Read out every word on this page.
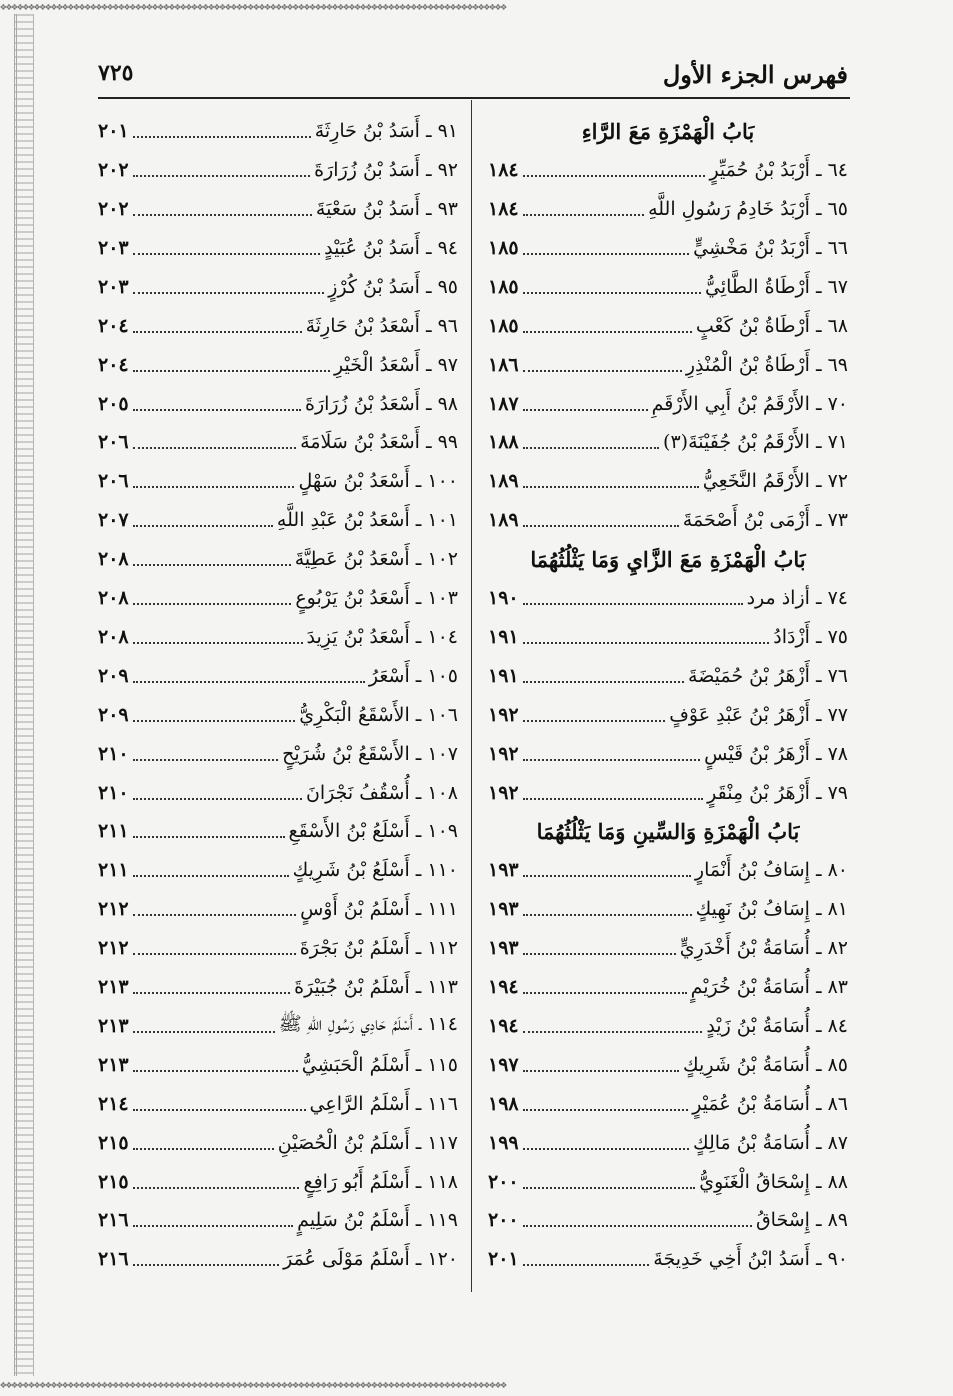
❖❖❖❖❖❖❖❖❖❖❖❖❖❖❖❖❖❖❖❖❖❖❖❖❖❖❖❖❖❖❖❖❖❖❖❖❖❖❖❖❖❖❖❖❖❖❖❖❖❖❖❖❖❖❖❖❖❖❖❖❖❖❖❖❖❖❖❖❖❖❖❖❖❖❖❖❖❖❖❖❖❖❖❖❖❖❖❖❖❖
❖❖❖❖❖❖❖❖❖❖❖❖❖❖❖❖❖❖❖❖❖❖❖❖❖❖❖❖❖❖❖❖❖❖❖❖❖❖❖❖❖❖❖❖❖❖❖❖❖❖❖❖❖❖❖❖❖❖❖❖❖❖❖❖❖❖❖❖❖❖❖❖❖❖❖❖❖❖❖❖❖❖❖❖❖❖❖❖❖❖
٧٢٥	فهرس الجزء الأول
بَابُ الْهَمْزَةِ مَعَ الرَّاءِ
٦٤ ـ أَرْبَدُ بْنُ حُمَيِّرٍ
١٨٤
٦٥ ـ أَرْبَدُ خَادِمُ رَسُولِ اللَّهِ
١٨٤
٦٦ ـ أَرْبَدُ بْنُ مَخْشِيٍّ
١٨٥
٦٧ ـ أَرْطَاةُ الطَّائِيُّ
١٨٥
٦٨ ـ أَرْطَاةُ بْنُ كَعْبٍ
١٨٥
٦٩ ـ أَرْطَاةُ بْنُ الْمُنْذِرِ
١٨٦
٧٠ ـ الأَرْقَمُ بْنُ أَبِي الأَرْقَمِ
١٨٧
٧١ ـ الأَرْقَمُ بْنُ جُفَيْنَةَ(٣)
١٨٨
٧٢ ـ الأَرْقَمُ النَّخَعِيُّ
١٨٩
٧٣ ـ أَزْمَى بْنُ أَصْحَمَةَ
١٨٩
بَابُ الْهَمْزَةِ مَعَ الزَّايِ وَمَا يَثْلُثُهُمَا
٧٤ ـ أزاذ مرد
١٩٠
٧٥ ـ أَزْدَادُ
١٩١
٧٦ ـ أَزْهَرُ بْنُ حُمَيْضَةَ
١٩١
٧٧ ـ أَزْهَرُ بْنُ عَبْدِ عَوْفٍ
١٩٢
٧٨ ـ أَزْهَرُ بْنُ قَيْسٍ
١٩٢
٧٩ ـ أَزْهَرُ بْنُ مِنْقَرٍ
١٩٢
بَابُ الْهَمْزَةِ وَالسِّينِ وَمَا يَثْلُثُهُمَا
٨٠ ـ إِسَافُ بْنُ أَنْمَارٍ
١٩٣
٨١ ـ إِسَافُ بْنُ نَهِيكٍ
١٩٣
٨٢ ـ أُسَامَةُ بْنُ أَخْدَرِيٍّ
١٩٣
٨٣ ـ أُسَامَةُ بْنُ خُرَيْمٍ
١٩٤
٨٤ ـ أُسَامَةُ بْنُ زَيْدٍ
١٩٤
٨٥ ـ أُسَامَةُ بْنُ شَرِيكٍ
١٩٧
٨٦ ـ أُسَامَةُ بْنُ عُمَيْرٍ
١٩٨
٨٧ ـ أُسَامَةُ بْنُ مَالِكٍ
١٩٩
٨٨ ـ إِسْحَاقُ الْغَنَوِيُّ
٢٠٠
٨٩ ـ إِسْحَاقُ
٢٠٠
٩٠ ـ أَسَدُ ابْنُ أَخِي خَدِيجَةَ
٢٠١
٩١ ـ أَسَدُ بْنُ حَارِثَةَ
٢٠١
٩٢ ـ أَسَدُ بْنُ زُرَارَةَ
٢٠٢
٩٣ ـ أَسَدُ بْنُ سَعْيَةَ
٢٠٢
٩٤ ـ أَسَدُ بْنُ عُبَيْدٍ
٢٠٣
٩٥ ـ أَسَدُ بْنُ كُرْزٍ
٢٠٣
٩٦ ـ أَسْعَدُ بْنُ حَارِثَةَ
٢٠٤
٩٧ ـ أَسْعَدُ الْخَيْرِ
٢٠٤
٩٨ ـ أَسْعَدُ بْنُ زُرَارَةَ
٢٠٥
٩٩ ـ أَسْعَدُ بْنُ سَلَامَةَ
٢٠٦
١٠٠ ـ أَسْعَدُ بْنُ سَهْلٍ
٢٠٦
١٠١ ـ أَسْعَدُ بْنُ عَبْدِ اللَّهِ
٢٠٧
١٠٢ ـ أَسْعَدُ بْنُ عَطِيَّةَ
٢٠٨
١٠٣ ـ أَسْعَدُ بْنُ يَرْبُوعٍ
٢٠٨
١٠٤ ـ أَسْعَدُ بْنُ يَزِيدَ
٢٠٨
١٠٥ ـ أَسْعَرُ
٢٠٩
١٠٦ ـ الأَسْقَعُ الْبَكْرِيُّ
٢٠٩
١٠٧ ـ الأَسْقَعُ بْنُ شُرَيْحٍ
٢١٠
١٠٨ ـ أُسْقُفُ نَجْرَانَ
٢١٠
١٠٩ ـ أَسْلَعُ بْنُ الأَسْقَعِ
٢١١
١١٠ ـ أَسْلَعُ بْنُ شَرِيكٍ
٢١١
١١١ ـ أَسْلَمُ بْنُ أَوْسٍ
٢١٢
١١٢ ـ أَسْلَمُ بْنُ بَجْرَةَ
٢١٢
١١٣ ـ أَسْلَمُ بْنُ جُبَيْرَةَ
٢١٣
١١٤ ـ أَسْلَمُ حَادِي رَسُولِ اللهِ ﷺ
٢١٣
١١٥ ـ أَسْلَمُ الْحَبَشِيُّ
٢١٣
١١٦ ـ أَسْلَمُ الرَّاعِي
٢١٤
١١٧ ـ أَسْلَمُ بْنُ الْحُصَيْنِ
٢١٥
١١٨ ـ أَسْلَمُ أَبُو رَافِعٍ
٢١٥
١١٩ ـ أَسْلَمُ بْنُ سَلِيمٍ
٢١٦
١٢٠ ـ أَسْلَمُ مَوْلَى عُمَرَ
٢١٦
